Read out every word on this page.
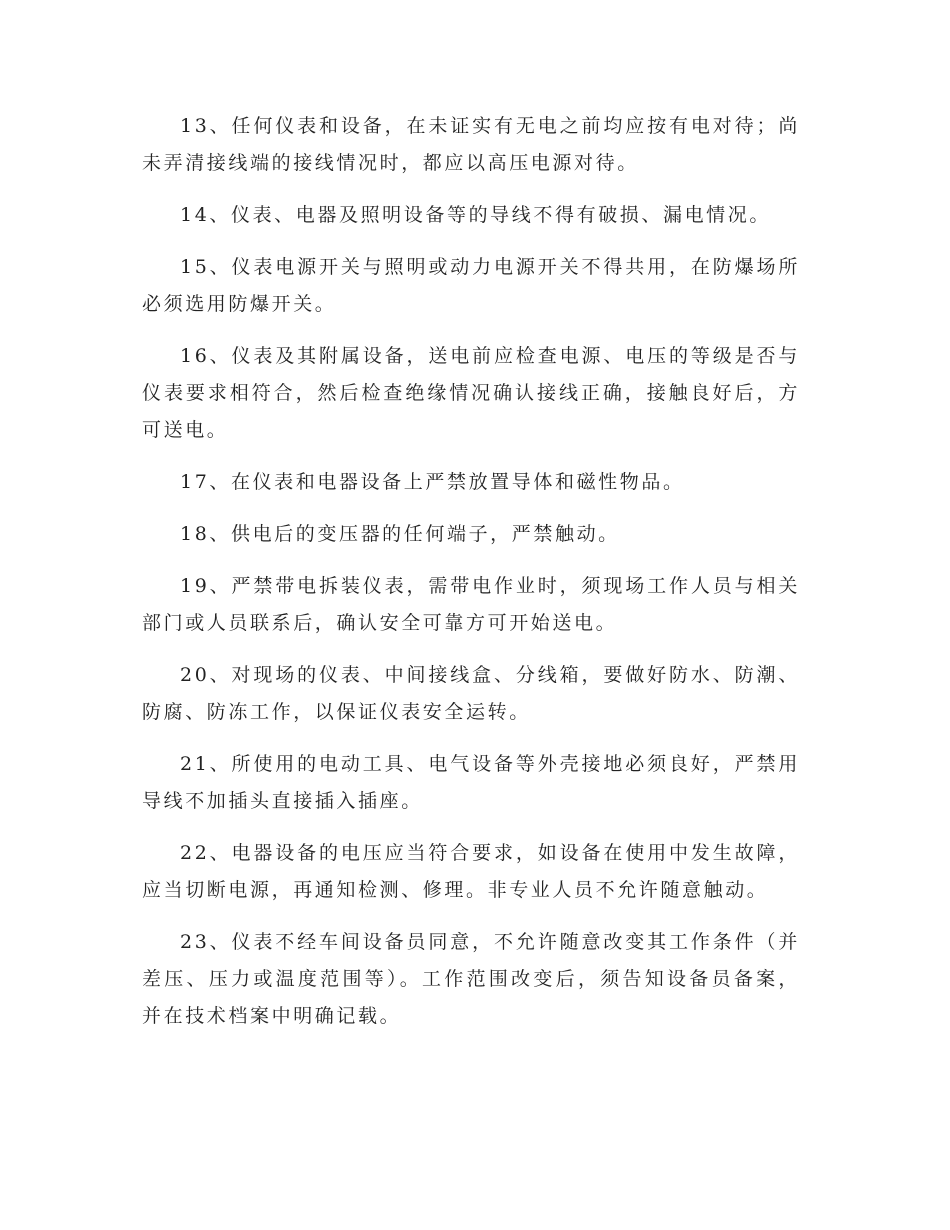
13、任何仪表和设备，在未证实有无电之前均应按有电对待；尚未弄清接线端的接线情况时，都应以高压电源对待。

14、仪表、电器及照明设备等的导线不得有破损、漏电情况。

15、仪表电源开关与照明或动力电源开关不得共用，在防爆场所必须选用防爆开关。

16、仪表及其附属设备，送电前应检查电源、电压的等级是否与仪表要求相符合，然后检查绝缘情况确认接线正确，接触良好后，方可送电。

17、在仪表和电器设备上严禁放置导体和磁性物品。

18、供电后的变压器的任何端子，严禁触动。

19、严禁带电拆装仪表，需带电作业时，须现场工作人员与相关部门或人员联系后，确认安全可靠方可开始送电。

20、对现场的仪表、中间接线盒、分线箱，要做好防水、防潮、防腐、防冻工作，以保证仪表安全运转。

21、所使用的电动工具、电气设备等外壳接地必须良好，严禁用导线不加插头直接插入插座。

22、电器设备的电压应当符合要求，如设备在使用中发生故障，应当切断电源，再通知检测、修理。非专业人员不允许随意触动。

23、仪表不经车间设备员同意，不允许随意改变其工作条件（并差压、压力或温度范围等）。工作范围改变后，须告知设备员备案，并在技术档案中明确记载。
